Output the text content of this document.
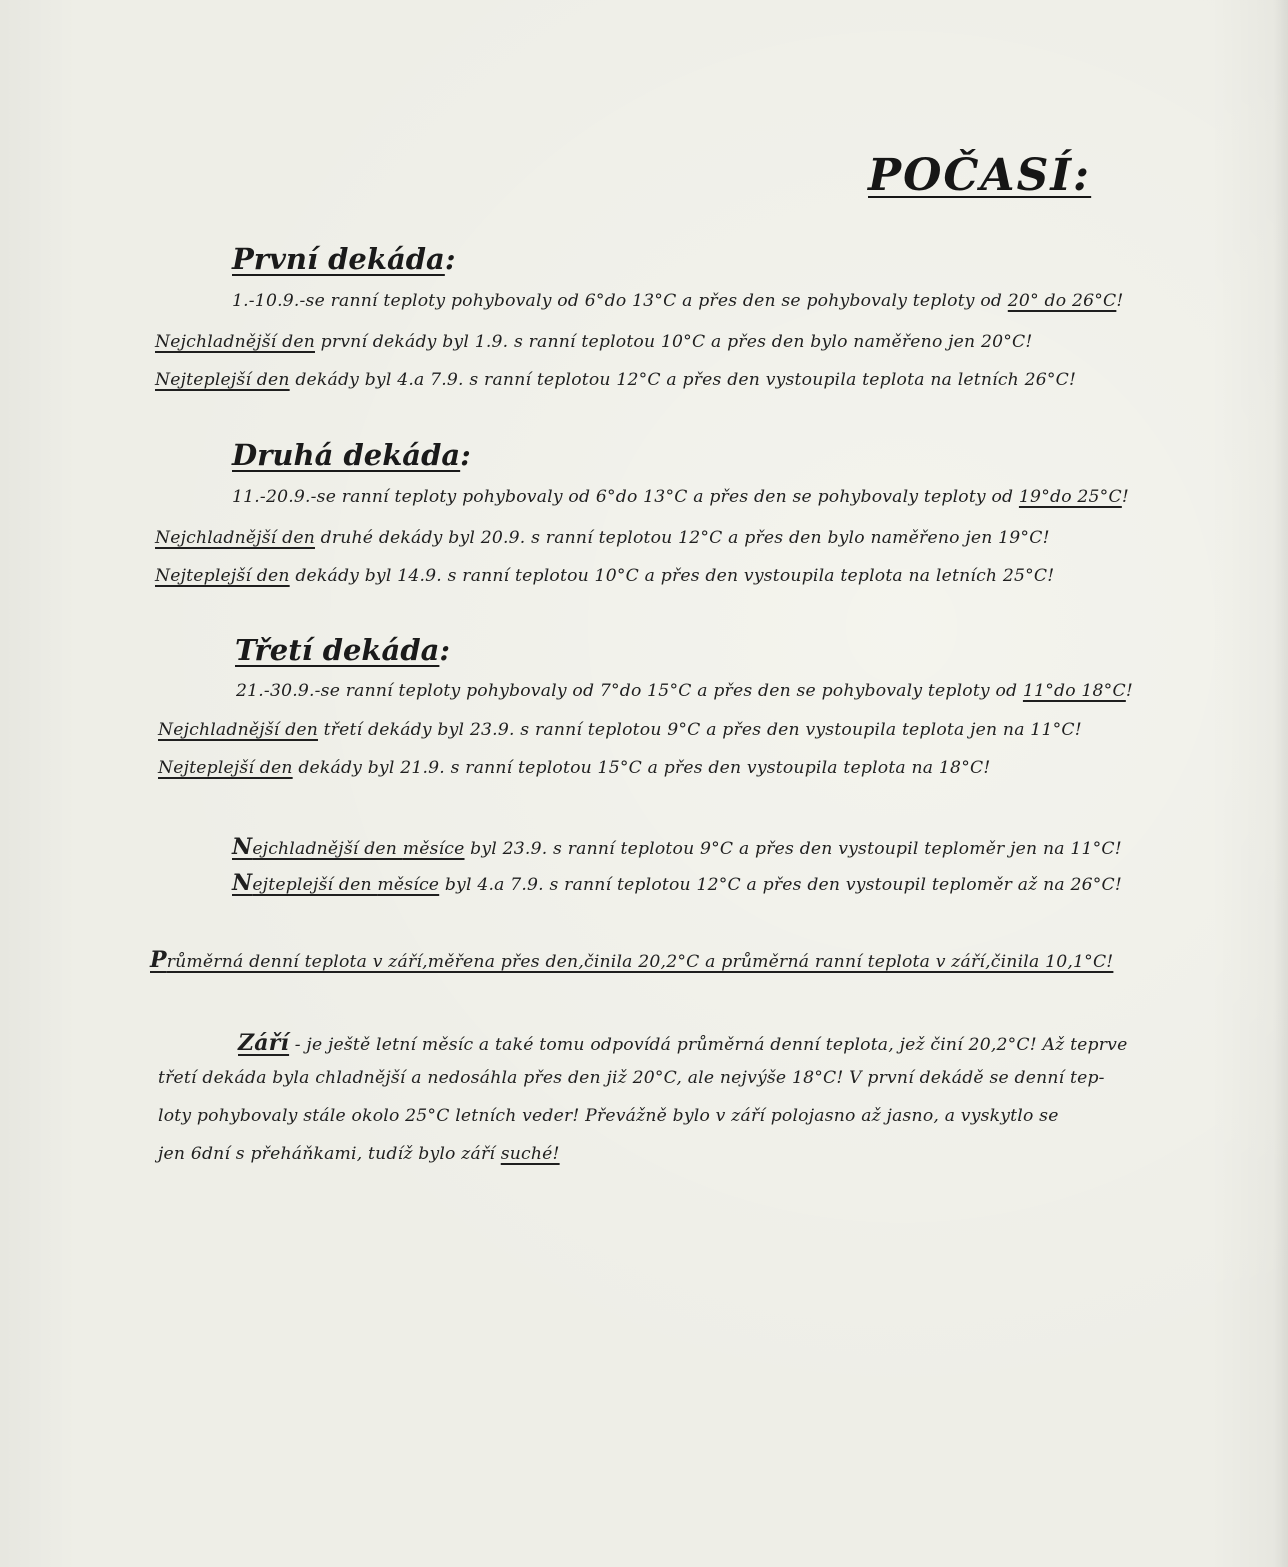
POČASÍ:
První dekáda:
1.-10.9.-se ranní teploty pohybovaly od 6°do 13°C a přes den se pohybovaly teploty od 20° do 26°C!
Nejchladnější den první dekády byl 1.9. s ranní teplotou 10°C a přes den bylo naměřeno jen 20°C!
Nejteplejší den dekády byl 4.a 7.9. s ranní teplotou 12°C a přes den vystoupila teplota na letních 26°C!
Druhá dekáda:
11.-20.9.-se ranní teploty pohybovaly od 6°do 13°C a přes den se pohybovaly teploty od 19°do 25°C!
Nejchladnější den druhé dekády byl 20.9. s ranní teplotou 12°C a přes den bylo naměřeno jen 19°C!
Nejteplejší den dekády byl 14.9. s ranní teplotou 10°C a přes den vystoupila teplota na letních 25°C!
Třetí dekáda:
21.-30.9.-se ranní teploty pohybovaly od 7°do 15°C a přes den se pohybovaly teploty od 11°do 18°C!
Nejchladnější den třetí dekády byl 23.9. s ranní teplotou 9°C a přes den vystoupila teplota jen na 11°C!
Nejteplejší den dekády byl 21.9. s ranní teplotou 15°C a přes den vystoupila teplota na 18°C!
Nejchladnější den měsíce byl 23.9. s ranní teplotou 9°C a přes den vystoupil teploměr jen na 11°C!
Nejteplejší den měsíce byl 4.a 7.9. s ranní teplotou 12°C a přes den vystoupil teploměr až na 26°C!
Průměrná denní teplota v září,měřena přes den,činila 20,2°C a průměrná ranní teplota v září,činila 10,1°C!
Září - je ještě letní měsíc a také tomu odpovídá průměrná denní teplota, jež činí 20,2°C! Až teprve
třetí dekáda byla chladnější a nedosáhla přes den již 20°C, ale nejvýše 18°C! V první dekádě se denní tep-
loty pohybovaly stále okolo 25°C letních veder! Převážně bylo v září polojasno až jasno, a vyskytlo se
jen 6dní s přeháňkami, tudíž bylo září suché!
